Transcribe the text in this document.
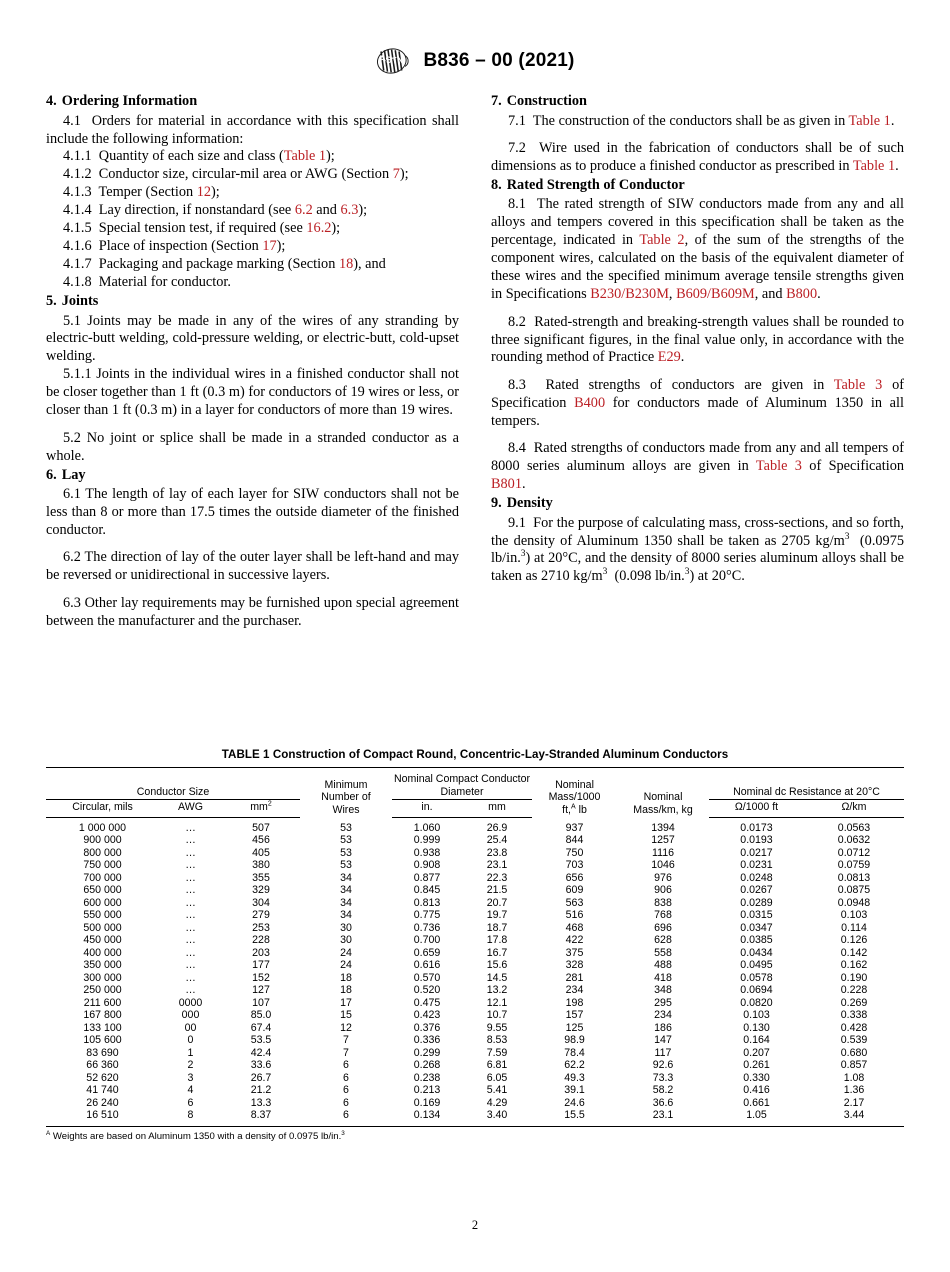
A
S
T
M B836 – 00 (2021)
4. Ordering Information

4.1  Orders for material in accordance with this specification shall include the following information:

4.1.1  Quantity of each size and class (Table 1);

4.1.2  Conductor size, circular-mil area or AWG (Section 7);

4.1.3  Temper (Section 12);

4.1.4  Lay direction, if nonstandard (see 6.2 and 6.3);

4.1.5  Special tension test, if required (see 16.2);

4.1.6  Place of inspection (Section 17);

4.1.7  Packaging and package marking (Section 18), and

4.1.8  Material for conductor.

5. Joints

5.1 Joints may be made in any of the wires of any stranding by electric-butt welding, cold-pressure welding, or electric-butt, cold-upset welding.

5.1.1 Joints in the individual wires in a finished conductor shall not be closer together than 1 ft (0.3 m) for conductors of 19 wires or less, or closer than 1 ft (0.3 m) in a layer for conductors of more than 19 wires.

5.2 No joint or splice shall be made in a stranded conductor as a whole.

6. Lay

6.1 The length of lay of each layer for SIW conductors shall not be less than 8 or more than 17.5 times the outside diameter of the finished conductor.

6.2 The direction of lay of the outer layer shall be left-hand and may be reversed or unidirectional in successive layers.

6.3 Other lay requirements may be furnished upon special agreement between the manufacturer and the purchaser.

7. Construction

7.1  The construction of the conductors shall be as given in Table 1.

7.2  Wire used in the fabrication of conductors shall be of such dimensions as to produce a finished conductor as prescribed in Table 1.

8. Rated Strength of Conductor

8.1  The rated strength of SIW conductors made from any and all alloys and tempers covered in this specification shall be taken as the percentage, indicated in Table 2, of the sum of the strengths of the component wires, calculated on the basis of the equivalent diameter of these wires and the specified minimum average tensile strengths given in Specifications B230/B230M, B609/B609M, and B800.

8.2  Rated-strength and breaking-strength values shall be rounded to three significant figures, in the final value only, in accordance with the rounding method of Practice E29.

8.3  Rated strengths of conductors are given in Table 3 of Specification B400 for conductors made of Aluminum 1350 in all tempers.

8.4  Rated strengths of conductors made from any and all tempers of 8000 series aluminum alloys are given in Table 3 of Specification B801.

9. Density

9.1  For the purpose of calculating mass, cross-sections, and so forth, the density of Aluminum 1350 shall be taken as 2705 $kg/m^3$  (0.0975 lb/in.$^3$) at 20°C, and the density of 8000 series aluminum alloys shall be taken as 2710 $kg/m^3$  (0.098 lb/in.$^3$) at 20°C.

TABLE 1 Construction of Compact Round, Concentric-Lay-Stranded Aluminum Conductors
Conductor Size	
Minimum
Number of
Wires

Nominal Compact Conductor
Diameter

Nominal
Mass/1000
ft,$^A$ lb

Nominal
Mass/km, kg
	Nominal dc Resistance at 20°C
Circular, mils	AWG	$mm^2$		in.	mm			Ω/1000 ft	Ω/km
1 000 000	…	507	53	1.060	26.9	937	1394	0.0173	0.0563
900 000	…	456	53	0.999	25.4	844	1257	0.0193	0.0632
800 000	…	405	53	0.938	23.8	750	1116	0.0217	0.0712
750 000	…	380	53	0.908	23.1	703	1046	0.0231	0.0759
700 000	…	355	34	0.877	22.3	656	976	0.0248	0.0813
650 000	…	329	34	0.845	21.5	609	906	0.0267	0.0875
600 000	…	304	34	0.813	20.7	563	838	0.0289	0.0948
550 000	…	279	34	0.775	19.7	516	768	0.0315	0.103
500 000	…	253	30	0.736	18.7	468	696	0.0347	0.114
450 000	…	228	30	0.700	17.8	422	628	0.0385	0.126
400 000	…	203	24	0.659	16.7	375	558	0.0434	0.142
350 000	…	177	24	0.616	15.6	328	488	0.0495	0.162
300 000	…	152	18	0.570	14.5	281	418	0.0578	0.190
250 000	…	127	18	0.520	13.2	234	348	0.0694	0.228
211 600	0000	107	17	0.475	12.1	198	295	0.0820	0.269
167 800	000	85.0	15	0.423	10.7	157	234	0.103	0.338
133 100	00	67.4	12	0.376	9.55	125	186	0.130	0.428
105 600	0	53.5	7	0.336	8.53	98.9	147	0.164	0.539
83 690	1	42.4	7	0.299	7.59	78.4	117	0.207	0.680
66 360	2	33.6	6	0.268	6.81	62.2	92.6	0.261	0.857
52 620	3	26.7	6	0.238	6.05	49.3	73.3	0.330	1.08
41 740	4	21.2	6	0.213	5.41	39.1	58.2	0.416	1.36
26 240	6	13.3	6	0.169	4.29	24.6	36.6	0.661	2.17
16 510	8	8.37	6	0.134	3.40	15.5	23.1	1.05	3.44
$^A$ Weights are based on Aluminum 1350 with a density of 0.0975 lb/in.$^3$
2
